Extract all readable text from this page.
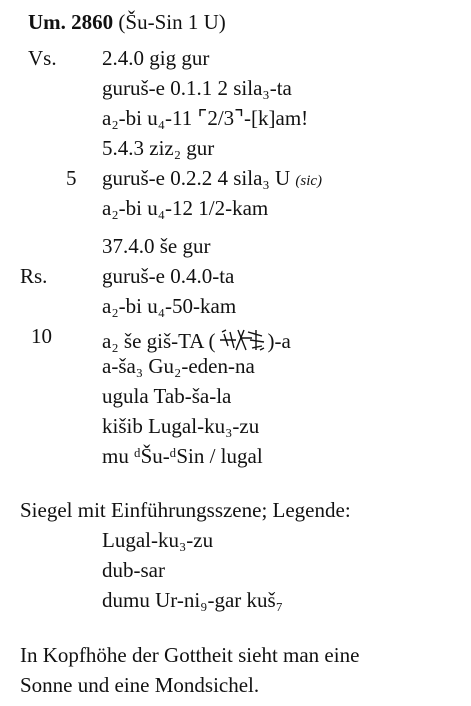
Um. 2860 (Šu-Sin 1 U)
Vs. 2.4.0 gig gur
guruš-e 0.1.1 2 sila₃-ta
a₂-bi u₄-11 ⌜2/3⌝-[k]am!
5.4.3 ziz₂ gur
5 guruš-e 0.2.2 4 sila₃ U (sic)
a₂-bi u₄-12 1/2-kam
37.4.0 še gur
Rs.	guruš-e 0.4.0-ta
a₂-bi u₄-50-kam
10 a₂ še giš-TA ( )-a
a-ša₃ Gu₂-eden-na
ugula Tab-ša-la
kišib Lugal-ku₃-zu
mu ᵈŠu-ᵈSin / lugal
Siegel mit Einführungsszene; Legende:
Lugal-ku₃-zu
dub-sar
dumu Ur-ni₉-gar kuš₇
In Kopfhöhe der Gottheit sieht man eine
Sonne und eine Mondsichel.
